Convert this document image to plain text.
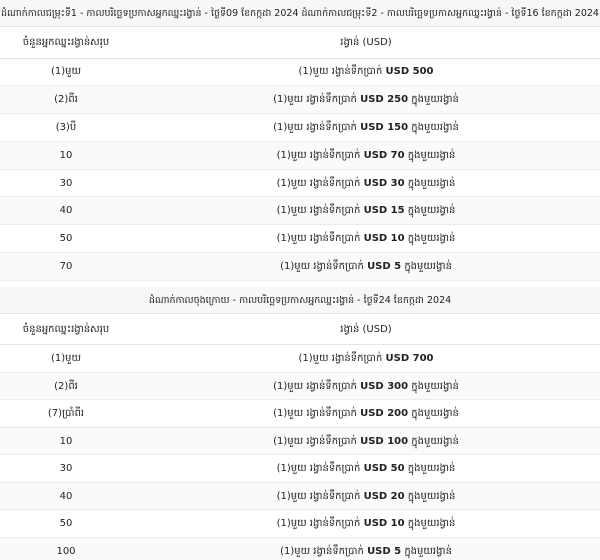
ដំណាក់កាលជម្រុះទី1 - កាលបរិច្ឆេទប្រកាសអ្នកឈ្នះរង្វាន់ - ថ្ងៃទី09 ខែកក្កដា 2024 ដំណាក់កាលជម្រុះទី2 - កាលបរិច្ឆេទប្រកាសអ្នកឈ្នះរង្វាន់ - ថ្ងៃទី16 ខែកក្កដា 2024
ចំនួនអ្នកឈ្នះរង្វាន់សរុប	រង្វាន់ (USD)
(1)មួយ	(1)មួយ រង្វាន់ទឹកប្រាក់ USD 500
(2)ពីរ	(1)មួយ រង្វាន់ទឹកប្រាក់ USD 250 ក្នុងមួយរង្វាន់
(3)បី	(1)មួយ រង្វាន់ទឹកប្រាក់ USD 150 ក្នុងមួយរង្វាន់
10	(1)មួយ រង្វាន់ទឹកប្រាក់ USD 70 ក្នុងមួយរង្វាន់
30	(1)មួយ រង្វាន់ទឹកប្រាក់ USD 30 ក្នុងមួយរង្វាន់
40	(1)មួយ រង្វាន់ទឹកប្រាក់ USD 15 ក្នុងមួយរង្វាន់
50	(1)មួយ រង្វាន់ទឹកប្រាក់ USD 10 ក្នុងមួយរង្វាន់
70	(1)មួយ រង្វាន់ទឹកប្រាក់ USD 5 ក្នុងមួយរង្វាន់
ដំណាក់កាលចុងក្រោយ - កាលបរិច្ឆេទប្រកាសអ្នកឈ្នះរង្វាន់ - ថ្ងៃទី24 ខែកក្កដា 2024
ចំនួនអ្នកឈ្នះរង្វាន់សរុប	រង្វាន់ (USD)
(1)មួយ	(1)មួយ រង្វាន់ទឹកប្រាក់ USD 700
(2)ពីរ	(1)មួយ រង្វាន់ទឹកប្រាក់ USD 300 ក្នុងមួយរង្វាន់
(7)ប្រាំពីរ	(1)មួយ រង្វាន់ទឹកប្រាក់ USD 200 ក្នុងមួយរង្វាន់
10	(1)មួយ រង្វាន់ទឹកប្រាក់ USD 100 ក្នុងមួយរង្វាន់
30	(1)មួយ រង្វាន់ទឹកប្រាក់ USD 50 ក្នុងមួយរង្វាន់
40	(1)មួយ រង្វាន់ទឹកប្រាក់ USD 20 ក្នុងមួយរង្វាន់
50	(1)មួយ រង្វាន់ទឹកប្រាក់ USD 10 ក្នុងមួយរង្វាន់
100	(1)មួយ រង្វាន់ទឹកប្រាក់ USD 5 ក្នុងមួយរង្វាន់
